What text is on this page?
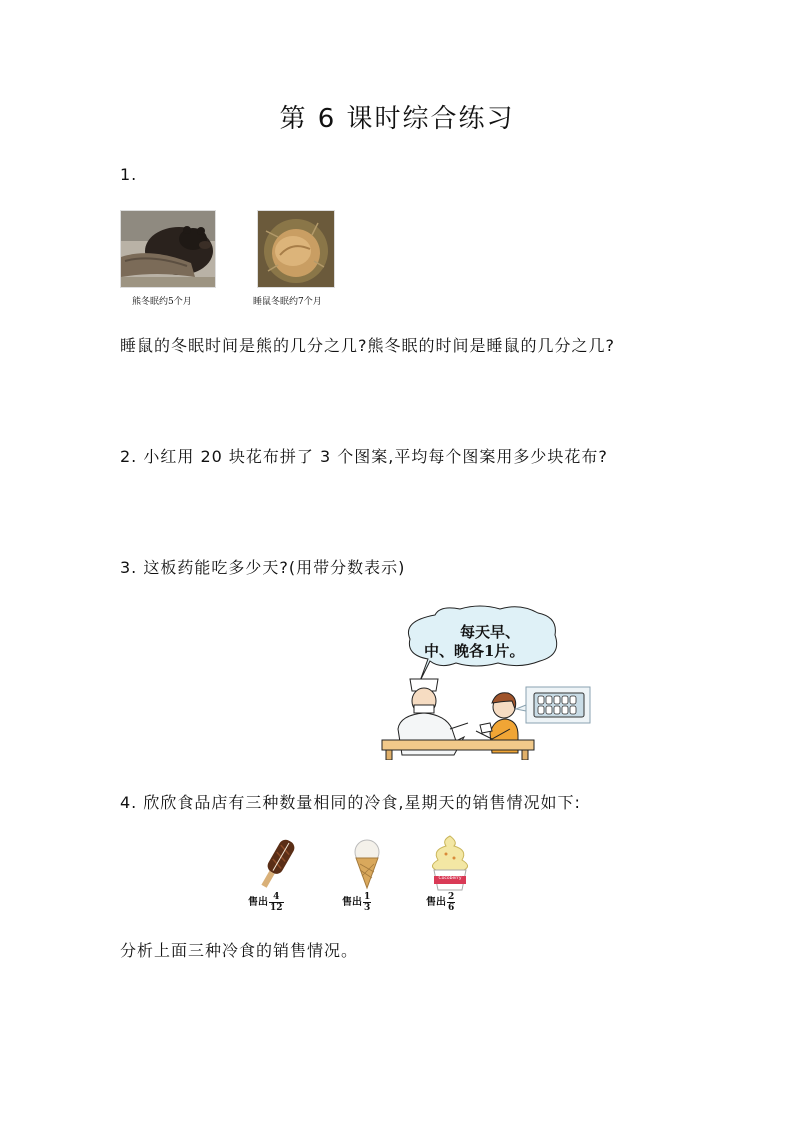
第 6 课时综合练习
1.
熊冬眠约5个月	睡鼠冬眠约7个月
睡鼠的冬眠时间是熊的几分之几?熊冬眠的时间是睡鼠的几分之几?
2. 小红用 20 块花布拼了 3 个图案,平均每个图案用多少块花布?
3. 这板药能吃多少天?(用带分数表示)
每天早、
中、晚各1片。
4. 欣欣食品店有三种数量相同的冷食,星期天的销售情况如下:
Cocoberry
售出 $\frac{4}{12}$	售出 $\frac{1}{3}$	售出 $\frac{2}{6}$
分析上面三种冷食的销售情况。
